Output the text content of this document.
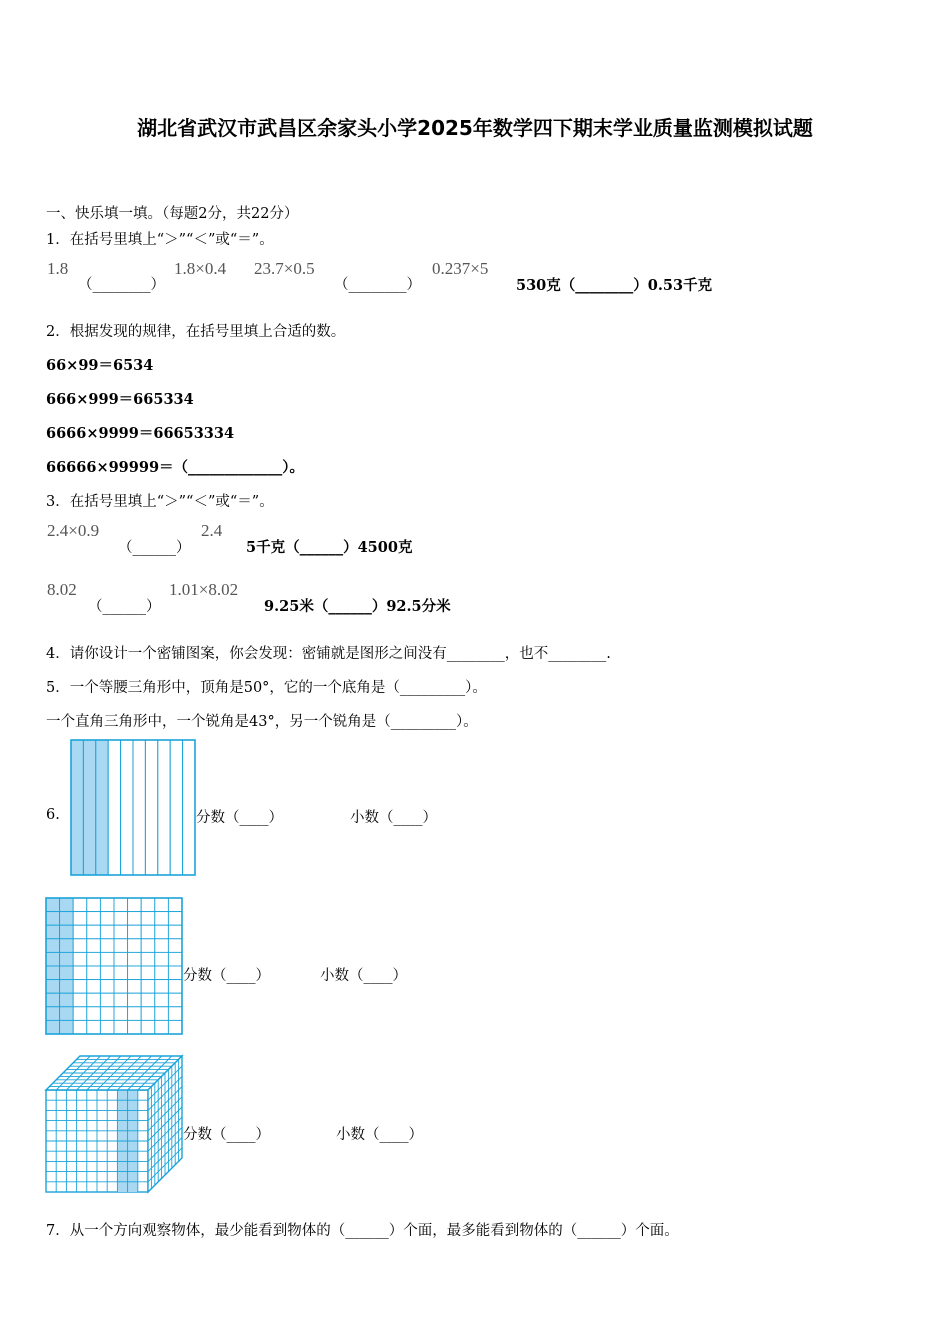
湖北省武汉市武昌区余家头小学2025年数学四下期末学业质量监测模拟试题
一、快乐填一填。（每题2分，共22分）
1．在括号里填上“＞”“＜”或“＝”。
1.8
（________）
1.8×0.4 23.7×0.5
（________）
0.237×5
530克（________）0.53千克
2．根据发现的规律，在括号里填上合适的数。
66×99＝6534
666×999＝665334
6666×9999＝66653334
66666×99999＝（_____________）。
3．在括号里填上“＞”“＜”或“＝”。
2.4×0.9
（______）
2.4
5千克（______）4500克
8.02
（______）
1.01×8.02
9.25米（______）92.5分米
4．请你设计一个密铺图案，你会发现：密铺就是图形之间没有________，也不________.
5．一个等腰三角形中，顶角是50°，它的一个底角是（_________）。
一个直角三角形中，一个锐角是43°，另一个锐角是（_________）。
6.	分数（____）	小数（____）
分数（____）	小数（____）
分数（____）	小数（____）
7．从一个方向观察物体，最少能看到物体的（______）个面，最多能看到物体的（______）个面。
